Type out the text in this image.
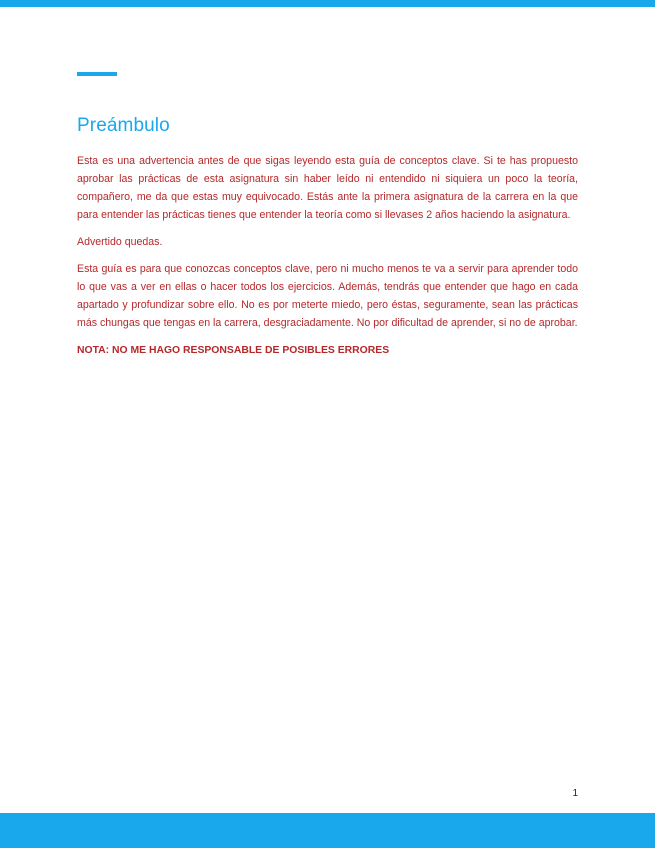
Preámbulo

Esta es una advertencia antes de que sigas leyendo esta guía de conceptos clave. Si te has propuesto aprobar las prácticas de esta asignatura sin haber leído ni entendido ni siquiera un poco la teoría, compañero, me da que estas muy equivocado. Estás ante la primera asignatura de la carrera en la que para entender las prácticas tienes que entender la teoría como si llevases 2 años haciendo la asignatura.

Advertido quedas.

Esta guía es para que conozcas conceptos clave, pero ni mucho menos te va a servir para aprender todo lo que vas a ver en ellas o hacer todos los ejercicios. Además, tendrás que entender que hago en cada apartado y profundizar sobre ello. No es por meterte miedo, pero éstas, seguramente, sean las prácticas más chungas que tengas en la carrera, desgraciadamente. No por dificultad de aprender, si no de aprobar.

NOTA: NO ME HAGO RESPONSABLE DE POSIBLES ERRORES

1
